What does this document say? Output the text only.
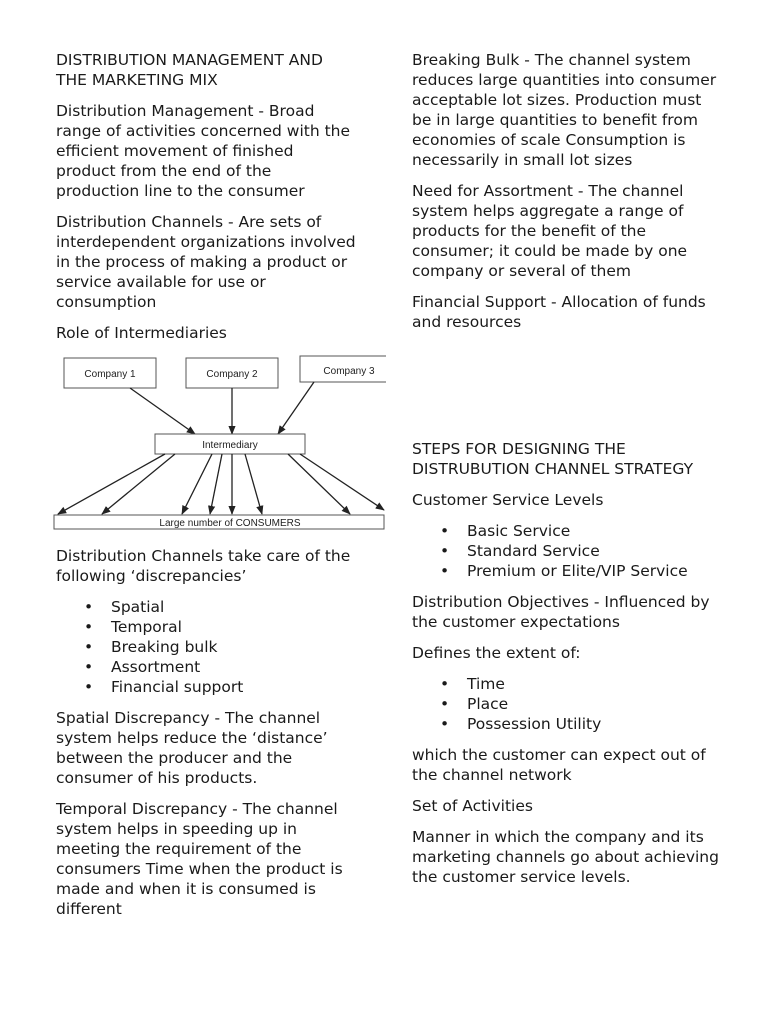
DISTRIBUTION MANAGEMENT AND THE MARKETING MIX

Distribution Management - Broad range of activities concerned with the efficient movement of finished product from the end of the production line to the consumer

Distribution Channels - Are sets of interdependent organizations involved in the process of making a product or service available for use or consumption

Role of Intermediaries

Company 1	Company 2	Company 3
Intermediary
Large number of CONSUMERS

Distribution Channels take care of the following ‘discrepancies’

• Spatial
• Temporal
• Breaking bulk
• Assortment
• Financial support

Spatial Discrepancy - The channel system helps reduce the ‘distance’ between the producer and the consumer of his products.

Temporal Discrepancy - The channel system helps in speeding up in meeting the requirement of the consumers Time when the product is made and when it is consumed is different

Breaking Bulk - The channel system reduces large quantities into consumer acceptable lot sizes. Production must be in large quantities to benefit from economies of scale Consumption is necessarily in small lot sizes

Need for Assortment - The channel system helps aggregate a range of products for the benefit of the consumer; it could be made by one company or several of them

Financial Support - Allocation of funds and resources

STEPS FOR DESIGNING THE DISTRUBUTION CHANNEL STRATEGY

Customer Service Levels

• Basic Service
• Standard Service
• Premium or Elite/VIP Service

Distribution Objectives - Influenced by the customer expectations

Defines the extent of:

• Time
• Place
• Possession Utility

which the customer can expect out of the channel network

Set of Activities

Manner in which the company and its marketing channels go about achieving the customer service levels.
